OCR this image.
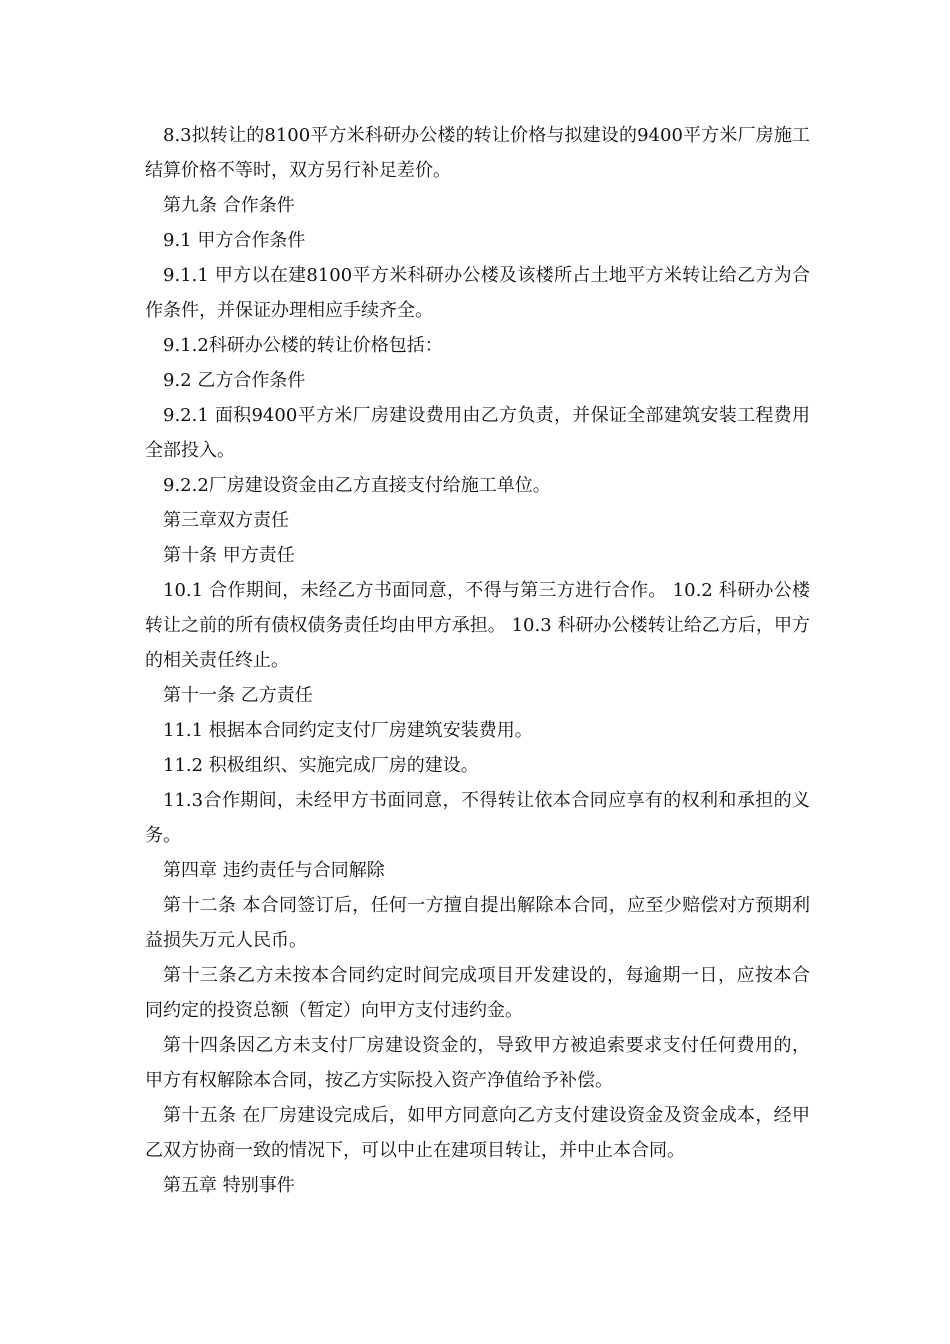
8.3拟转让的8100平方米科研办公楼的转让价格与拟建设的9400平方米厂房施工结算价格不等时，双方另行补足差价。

第九条 合作条件

9.1 甲方合作条件

9.1.1 甲方以在建8100平方米科研办公楼及该楼所占土地平方米转让给乙方为合作条件，并保证办理相应手续齐全。

9.1.2科研办公楼的转让价格包括：

9.2 乙方合作条件

9.2.1 面积9400平方米厂房建设费用由乙方负责，并保证全部建筑安装工程费用全部投入。

9.2.2厂房建设资金由乙方直接支付给施工单位。

第三章双方责任

第十条 甲方责任

10.1 合作期间，未经乙方书面同意，不得与第三方进行合作。 10.2 科研办公楼转让之前的所有债权债务责任均由甲方承担。 10.3 科研办公楼转让给乙方后，甲方的相关责任终止。

第十一条 乙方责任

11.1 根据本合同约定支付厂房建筑安装费用。

11.2 积极组织、实施完成厂房的建设。

11.3合作期间，未经甲方书面同意，不得转让依本合同应享有的权利和承担的义务。

第四章 违约责任与合同解除

第十二条 本合同签订后，任何一方擅自提出解除本合同，应至少赔偿对方预期利益损失万元人民币。

第十三条乙方未按本合同约定时间完成项目开发建设的，每逾期一日，应按本合同约定的投资总额（暂定）向甲方支付违约金。

第十四条因乙方未支付厂房建设资金的，导致甲方被追索要求支付任何费用的，甲方有权解除本合同，按乙方实际投入资产净值给予补偿。

第十五条 在厂房建设完成后，如甲方同意向乙方支付建设资金及资金成本，经甲乙双方协商一致的情况下，可以中止在建项目转让，并中止本合同。

第五章 特别事件
